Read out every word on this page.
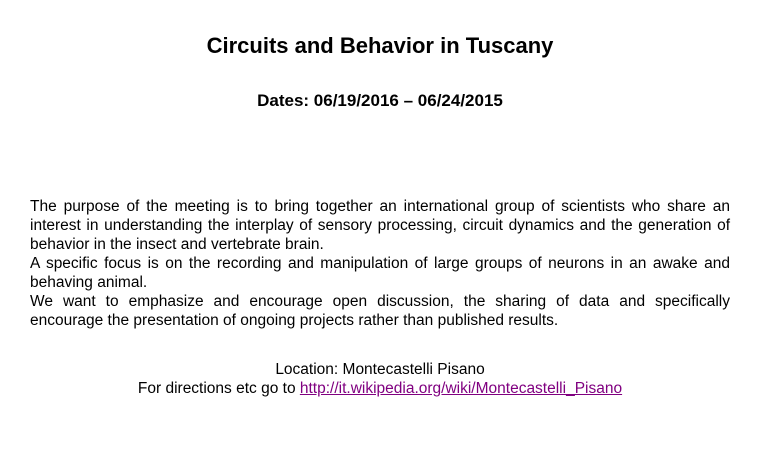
Circuits and Behavior in Tuscany
Dates: 06/19/2016 – 06/24/2015

The purpose of the meeting is to bring together an international group of scientists who share an interest in understanding the interplay of sensory processing, circuit dynamics and the generation of behavior in the insect and vertebrate brain.

A specific focus is on the recording and manipulation of large groups of neurons in an awake and behaving animal.

We want to emphasize and encourage open discussion, the sharing of data and specifically encourage the presentation of ongoing projects rather than published results.

Location: Montecastelli Pisano
For directions etc go to http://it.wikipedia.org/wiki/Montecastelli_Pisano
